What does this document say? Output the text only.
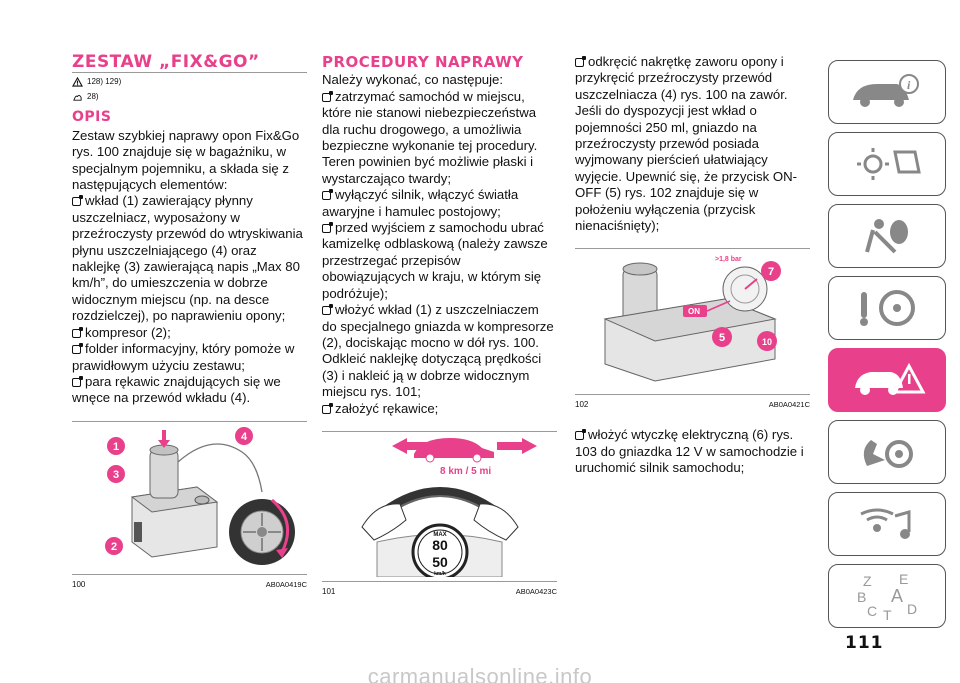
ZESTAW „FIX&GO”
128) 129)
28)
OPIS

Zestaw szybkiej naprawy opon Fix&Go rys. 100 znajduje się w bagażniku, w specjalnym pojemniku, a składa się z następujących elementów:

wkład (1) zawierający płynny uszczelniacz, wyposażony w przeźroczysty przewód do wtryskiwania płynu uszczelniającego (4) oraz naklejkę (3) zawierającą napis „Max 80 km/h”, do umieszczenia w dobrze widocznym miejscu (np. na desce rozdzielczej), po naprawieniu opony;

kompresor (2);

folder informacyjny, który pomoże w prawidłowym użyciu zestawu;

para rękawic znajdujących się we wnęce na przewód wkładu (4).

1
4
3
2
100	AB0A0419C
PROCEDURY NAPRAWY

Należy wykonać, co następuje:

zatrzymać samochód w miejscu, które nie stanowi niebezpieczeństwa dla ruchu drogowego, a umożliwia bezpieczne wykonanie tej procedury. Teren powinien być możliwie płaski i wystarczająco twardy;

wyłączyć silnik, włączyć światła awaryjne i hamulec postojowy;

przed wyjściem z samochodu ubrać kamizelkę odblaskową (należy zawsze przestrzegać przepisów obowiązujących w kraju, w którym się podróżuje);

włożyć wkład (1) z uszczelniaczem do specjalnego gniazda w kompresorze (2), dociskając mocno w dół rys. 100. Odkleić naklejkę dotyczącą prędkości (3) i nakleić ją w dobrze widocznym miejscu rys. 101;

założyć rękawice;

8 km / 5 mi
MAX
80
50
km/h
101	AB0A0423C

odkręcić nakrętkę zaworu opony i przykręcić przeźroczysty przewód uszczelniacza (4) rys. 100 na zawór. Jeśli do dyspozycji jest wkład o pojemności 250 ml, gniazdo na przeźroczysty przewód posiada wyjmowany pierścień ułatwiający wyjęcie. Upewnić się, że przycisk ON-OFF (5) rys. 102 znajduje się w położeniu wyłączenia (przycisk nienaciśnięty);

>1,8 bar
ON
7
5	10
102	AB0A0421C

włożyć wtyczkę elektryczną (6) rys. 103 do gniazdka 12 V w samochodzie i uruchomić silnik samochodu;

i
Z E
B A
C D
T
111
carmanualsonline.info
